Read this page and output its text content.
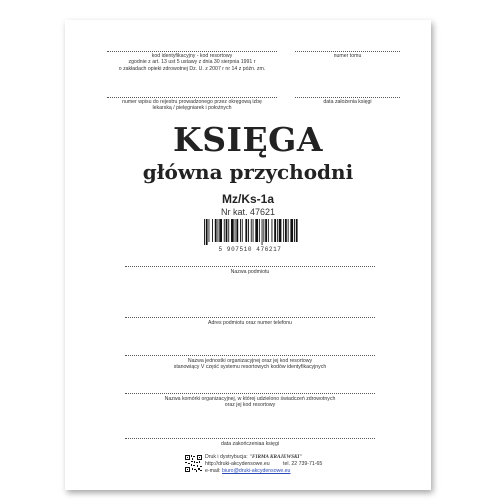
kod identyfikacyjny - kod resortowy
zgodnie z art. 13 ust 5 ustawy z dnia 30 sierpnia 1991 r
o zakładach opieki zdrowotnej Dz. U. z 2007 r nr 14 z późn. zm.
numer tomu
numer wpisu do rejestru prowadzonego przez okręgową izbę
lekarską / pielęgniarek i położnych
data założenia księgi
KSIĘGA
główna przychodni
Mz/Ks-1a
Nr kat. 47621
5 907510 476217
Nazwa podmiotu
Adres podmiotu oraz numer telefonu
Nazwa jednostki organizacyjnej oraz jej kod resortowy
stanowiący V część systemu resortowych kodów identyfikacyjnych
Nazwa komórki organizacyjnej, w której udzielono świadczeń zdrowotnych
oraz jej kod resortowy
data zakończeniaa księgi
Druk i dystrybucja: "FIRMA KRAJEWSKI"
http://druki-akcydensowe.eu	tel. 22 739-71-65
e-mail: biuro@druki-akcydensowe.eu
